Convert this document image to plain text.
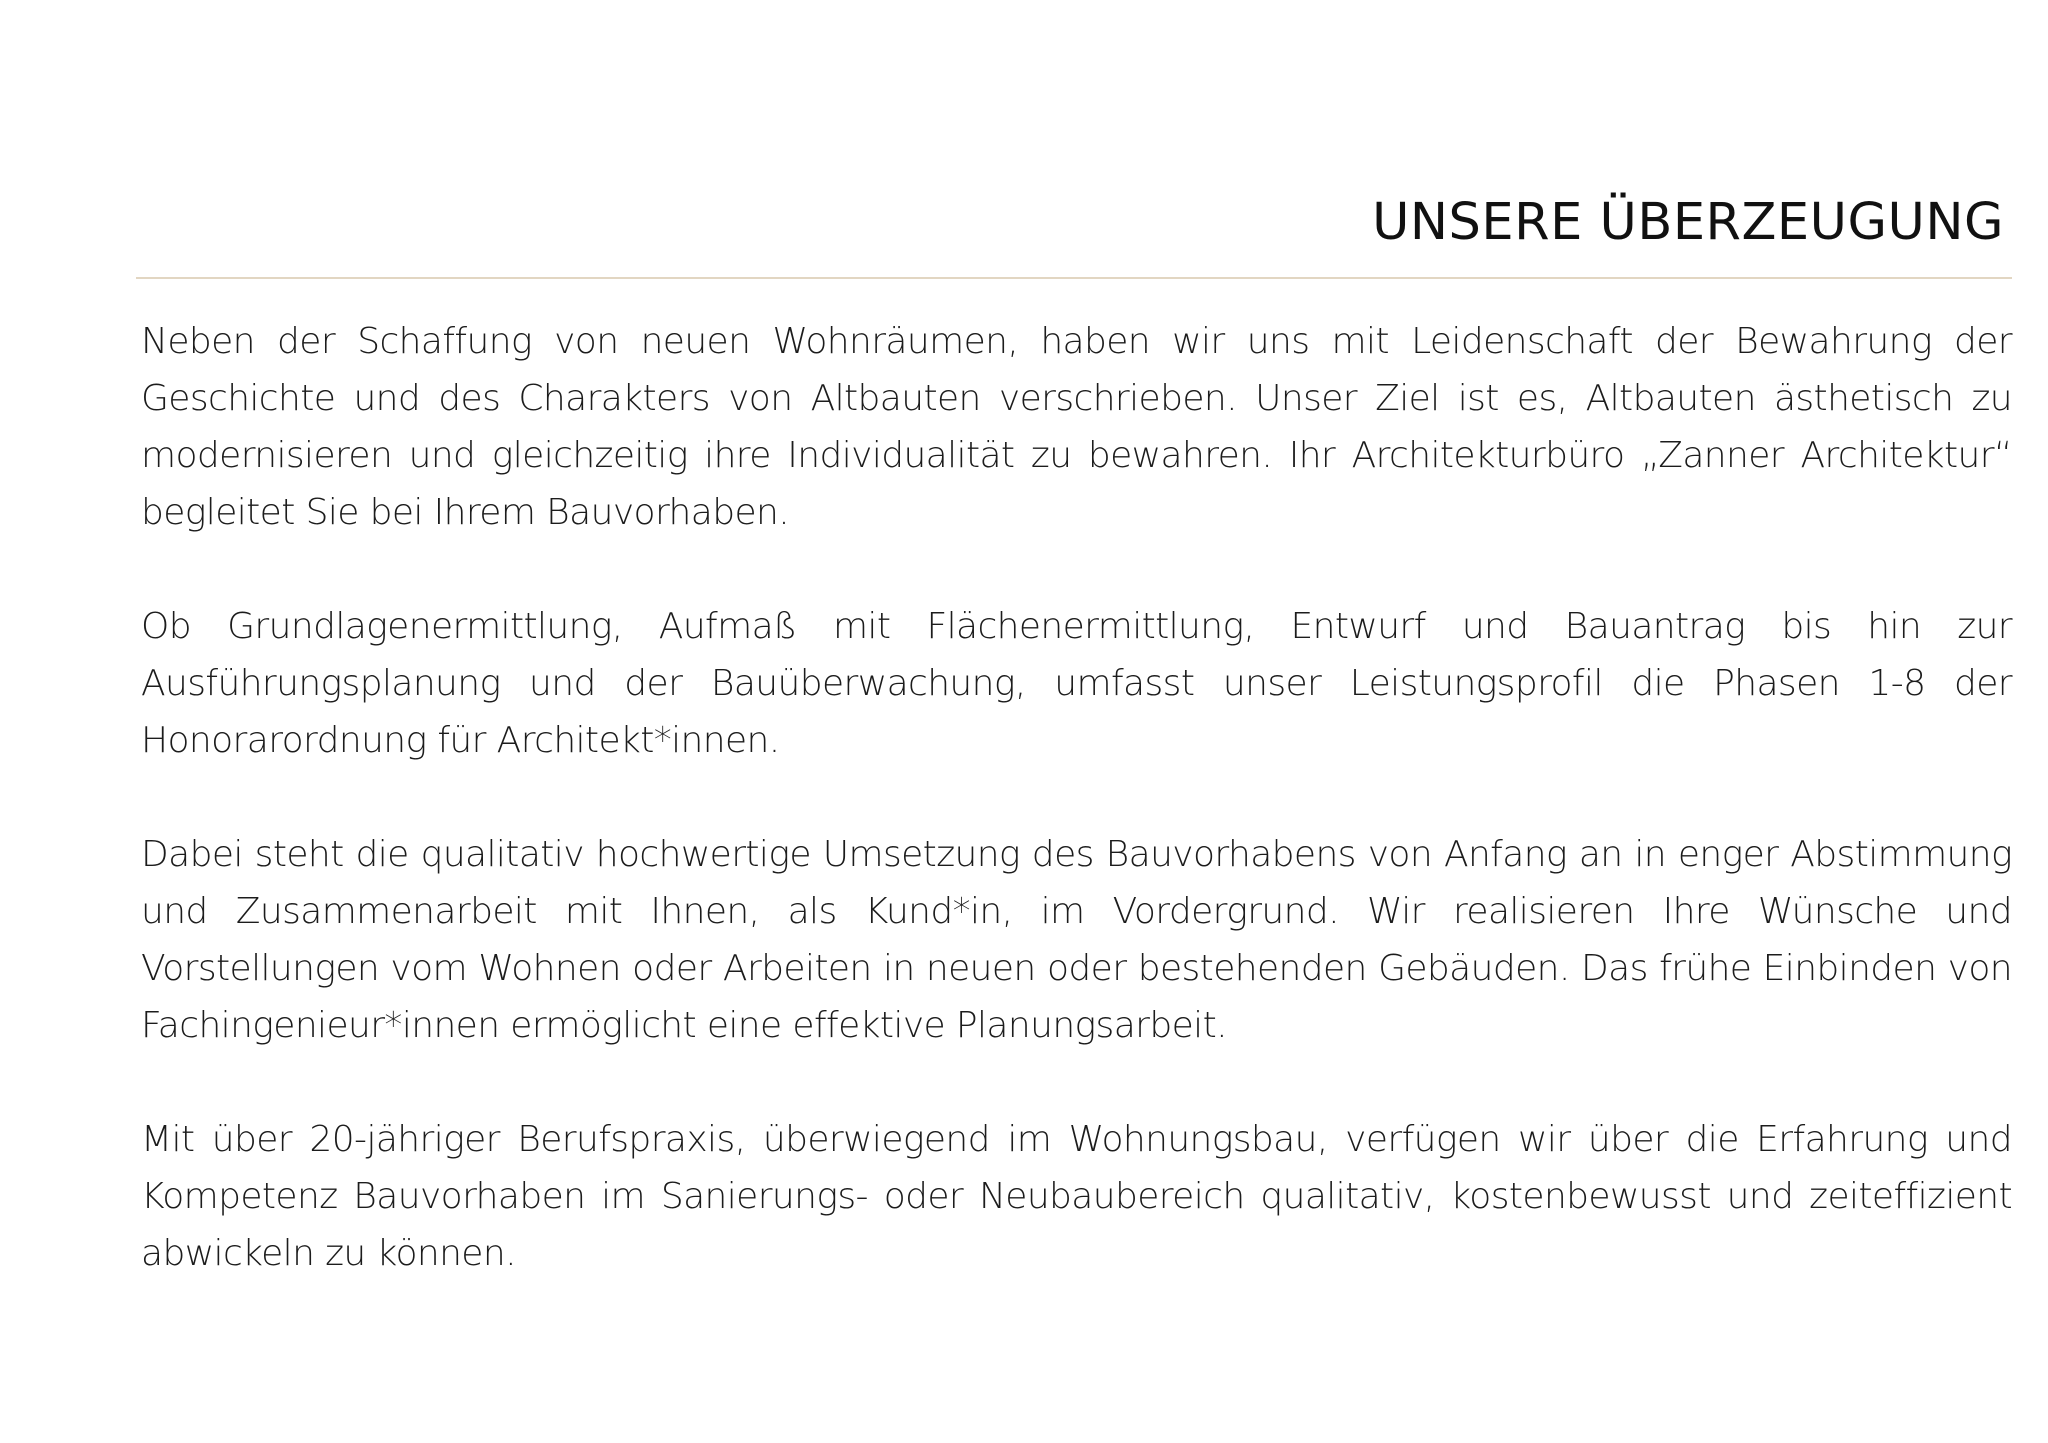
UNSERE ÜBERZEUGUNG

Neben der Schaffung von neuen Wohnräumen, haben wir uns mit Leidenschaft der Bewahrung der Geschichte und des Charakters von Altbauten verschrieben. Unser Ziel ist es, Altbauten ästhetisch zu modernisieren und gleichzeitig ihre Individualität zu bewahren. Ihr Architekturbüro „Zanner Architektur“ begleitet Sie bei Ihrem Bauvorhaben.

Ob Grundlagenermittlung, Aufmaß mit Flächenermittlung, Entwurf und Bauantrag bis hin zur Ausführungsplanung und der Bauüberwachung, umfasst unser Leistungsprofil die Phasen 1-8 der Honorarordnung für Architekt*innen.

Dabei steht die qualitativ hochwertige Umsetzung des Bauvorhabens von Anfang an in enger Abstimmung und Zusammenarbeit mit Ihnen, als Kund*in, im Vordergrund. Wir realisieren Ihre Wünsche und Vorstellungen vom Wohnen oder Arbeiten in neuen oder bestehenden Gebäuden. Das frühe Einbinden von Fachingenieur*innen ermöglicht eine effektive Planungsarbeit.

Mit über 20-jähriger Berufspraxis, überwiegend im Wohnungsbau, verfügen wir über die Erfahrung und Kompetenz Bauvorhaben im Sanierungs- oder Neubaubereich qualitativ, kostenbewusst und zeiteffizient abwickeln zu können.
